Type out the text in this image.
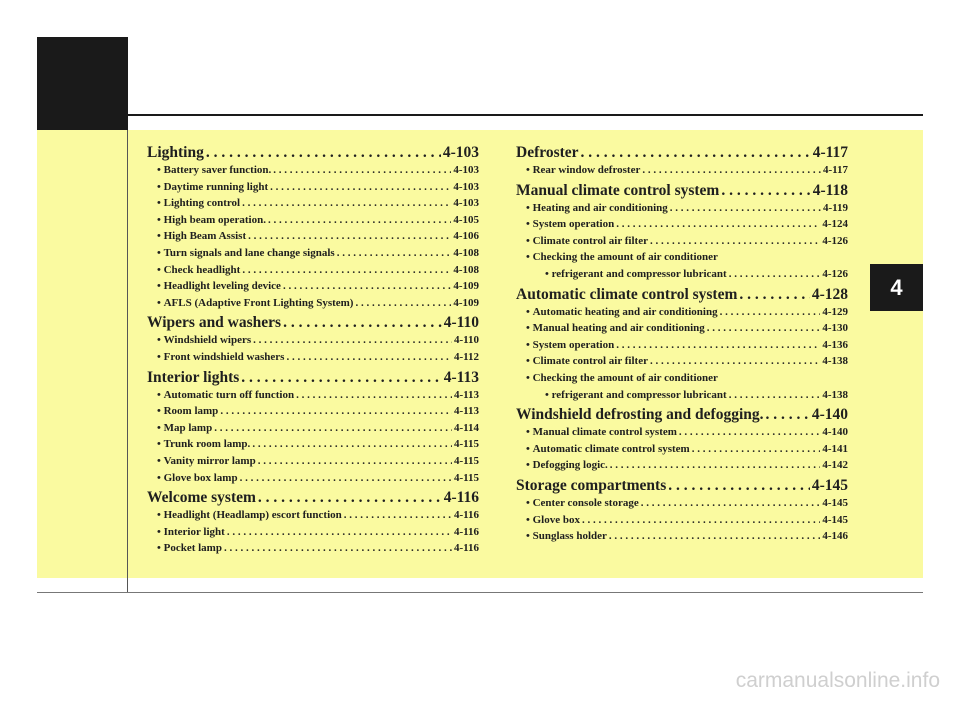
4
Lighting . . .	4-103
• Battery saver function. . . .	4-103
• Daytime running light . . .	4-103
• Lighting control . . .	4-103
• High beam operation. . . .	4-105
• High Beam Assist . . .	4-106
• Turn signals and lane change signals . . .	4-108
• Check headlight . . .	4-108
• Headlight leveling device . . .	4-109
• AFLS (Adaptive Front Lighting System) . . .	4-109
Wipers and washers . . .	4-110
• Windshield wipers . . .	4-110
• Front windshield washers . . .	4-112
Interior lights . . .	4-113
• Automatic turn off function . . .	4-113
• Room lamp . . .	4-113
• Map lamp . . .	4-114
• Trunk room lamp. . . .	4-115
• Vanity mirror lamp . . .	4-115
• Glove box lamp . . .	4-115
Welcome system . . .	4-116
• Headlight (Headlamp) escort function . . .	4-116
• Interior light . . .	4-116
• Pocket lamp . . .	4-116
Defroster . . .	4-117
• Rear window defroster . . .	4-117
Manual climate control system . . .	4-118
• Heating and air conditioning . . .	4-119
• System operation . . .	4-124
• Climate control air filter . . .	4-126
• Checking the amount of air conditioner
• refrigerant and compressor lubricant . . .	4-126
Automatic climate control system . . .	4-128
• Automatic heating and air conditioning . . .	4-129
• Manual heating and air conditioning . . .	4-130
• System operation . . .	4-136
• Climate control air filter . . .	4-138
• Checking the amount of air conditioner
• refrigerant and compressor lubricant . . .	4-138
Windshield defrosting and defogging. . . .	4-140
• Manual climate control system . . .	4-140
• Automatic climate control system . . .	4-141
• Defogging logic. . . .	4-142
Storage compartments . . .	4-145
• Center console storage . . .	4-145
• Glove box . . .	4-145
• Sunglass holder . . .	4-146
carmanualsonline.info
